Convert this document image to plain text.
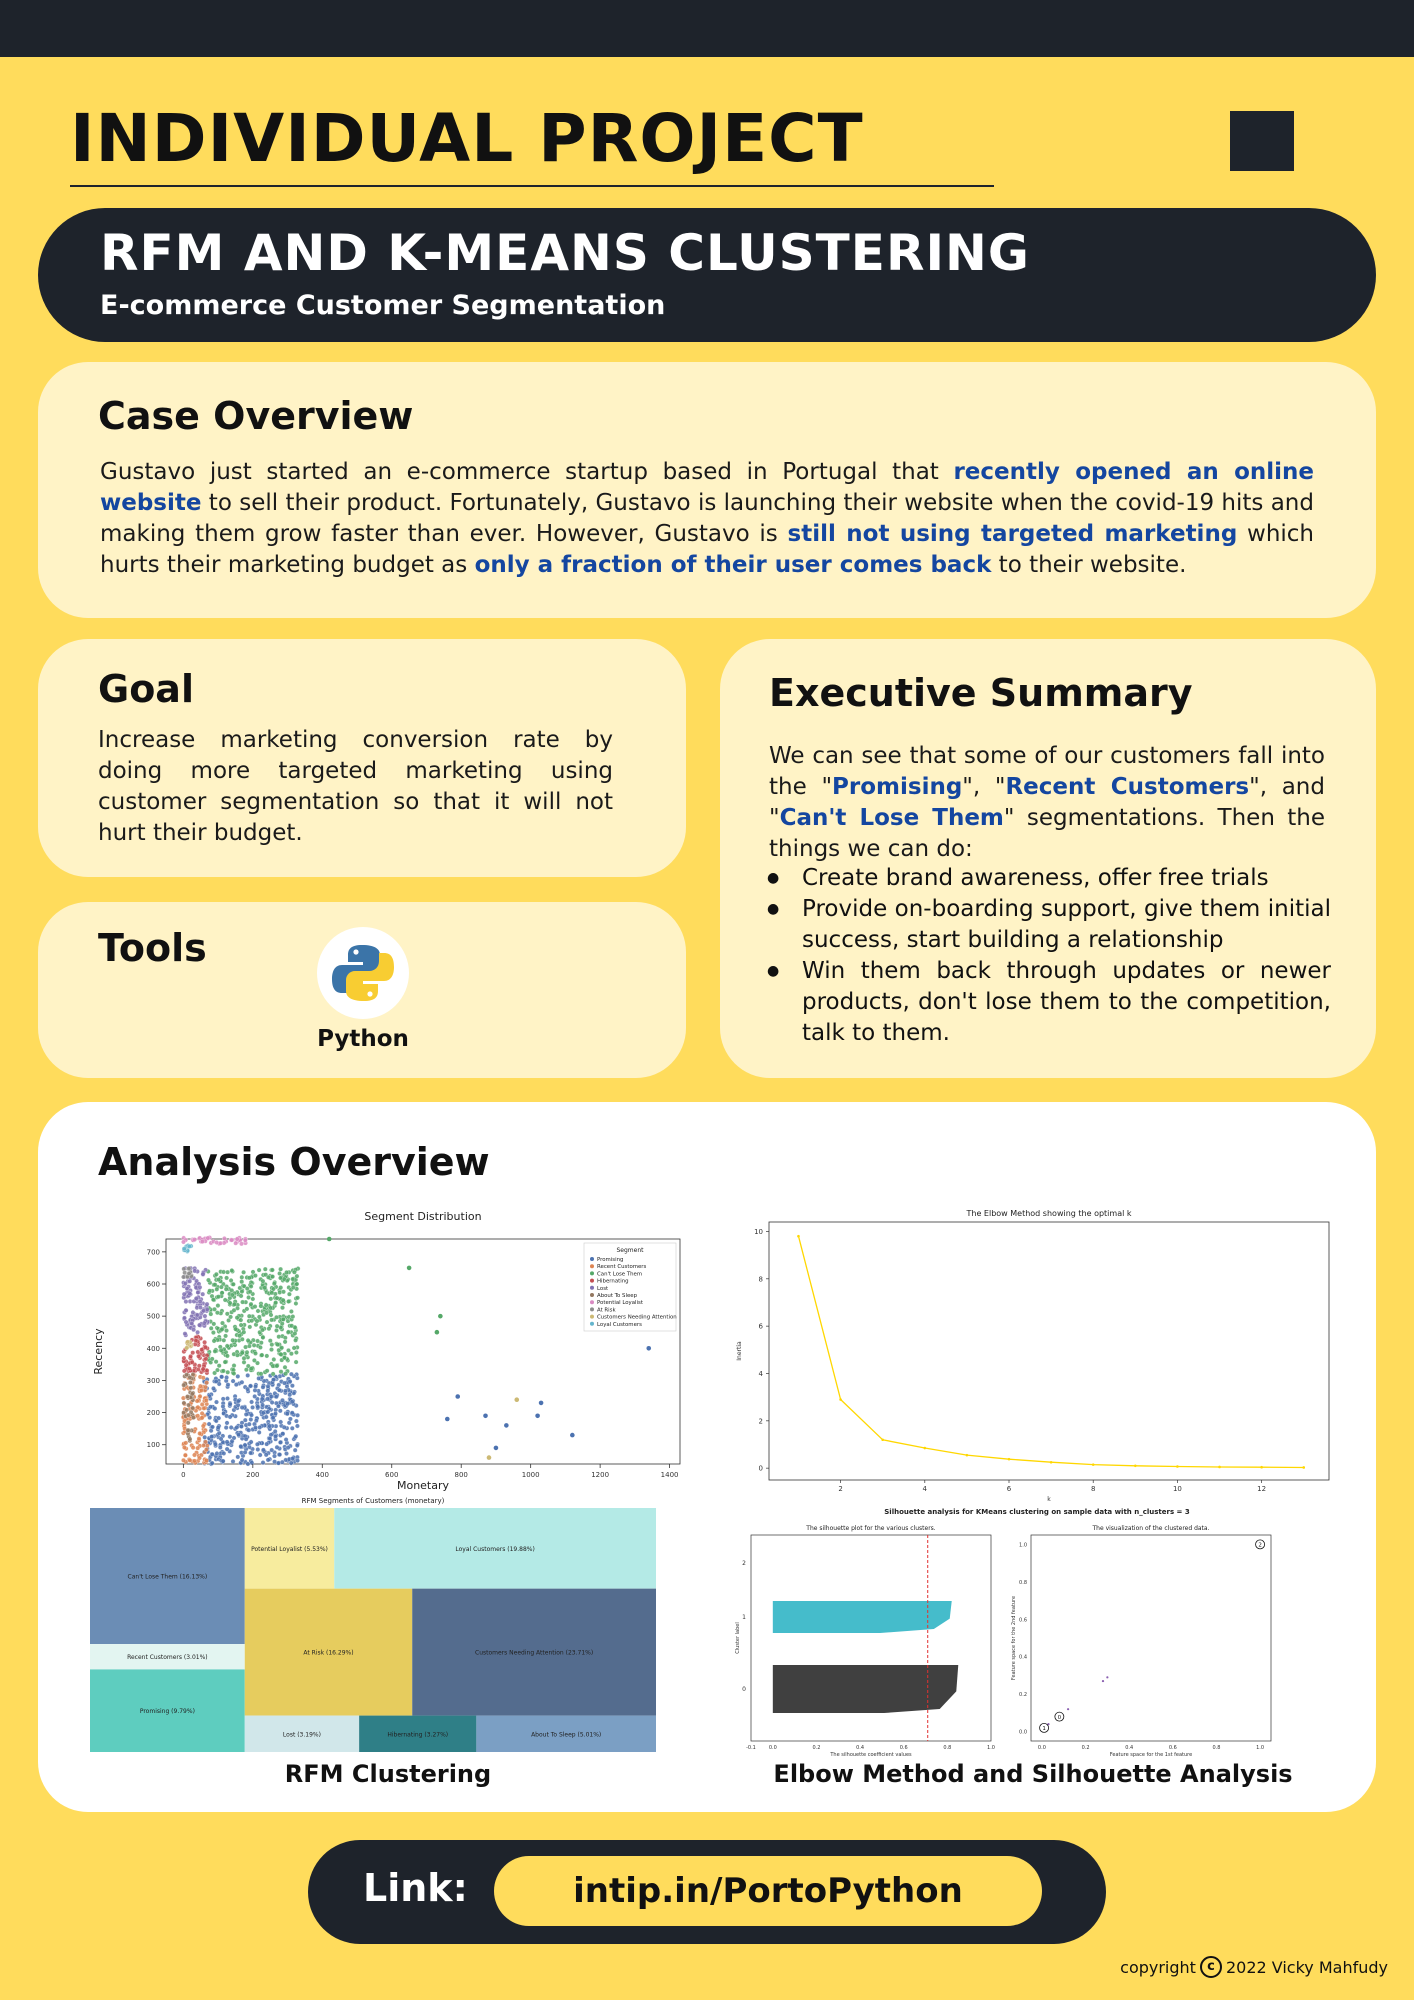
INDIVIDUAL PROJECT
RFM AND K-MEANS CLUSTERING
E-commerce Customer Segmentation
Case Overview
Gustavo just started an e-commerce startup based in Portugal that recently opened an online website to sell their product. Fortunately, Gustavo is launching their website when the covid-19 hits and making them grow faster than ever. However, Gustavo is still not using targeted marketing which hurts their marketing budget as only a fraction of their user comes back to their website.
Goal
Increase marketing conversion rate by doing more targeted marketing using customer segmentation so that it will not hurt their budget.
Tools
Python
Executive Summary
We can see that some of our customers fall into the "Promising", "Recent Customers", and "Can't Lose Them" segmentations. Then the things we can do:
● Create brand awareness, offer free trials
● Provide on-boarding support, give them initial success, start building a relationship
● Win them back through updates or newer products, don't lose them to the competition, talk to them.
Analysis Overview
Segment Distribution
0	200	400	600	800	1000	1200	1400
100
200
300
400
500
600
700
Monetary
Recency
Segment
Promising
Recent Customers
Can't Lose Them
Hibernating
Lost
About To Sleep
Potential Loyalist
At Risk
Customers Needing Attention
Loyal Customers
RFM Segments of Customers (monetary)
Can't Lose Them (16.13%)
Recent Customers (3.01%)
Promising (9.79%)
Potential Loyalist (5.53%)	Loyal Customers (19.88%)
At Risk (16.29%)	Customers Needing Attention (23.71%)
Lost (3.19%)	Hibernating (3.27%)	About To Sleep (5.01%)
The Elbow Method showing the optimal k
2	4	6	8	10	12
0
2
4
6
8
10
k
Inertia
Silhouette analysis for KMeans clustering on sample data with n_clusters = 3
The silhouette plot for the various clusters.
0
1
2
-0.1	0.0	0.2	0.4	0.6	0.8	1.0
The silhouette coefficient values
Cluster label
The visualization of the clustered data.
1
0
2
0.0	0.2	0.4	0.6	0.8	1.0
0.0
0.2
0.4
0.6
0.8
1.0
Feature space for the 1st feature
Feature space for the 2nd feature
RFM Clustering	Elbow Method and Silhouette Analysis
Link:	intip.in/PortoPython
copyright c 2022 Vicky Mahfudy
